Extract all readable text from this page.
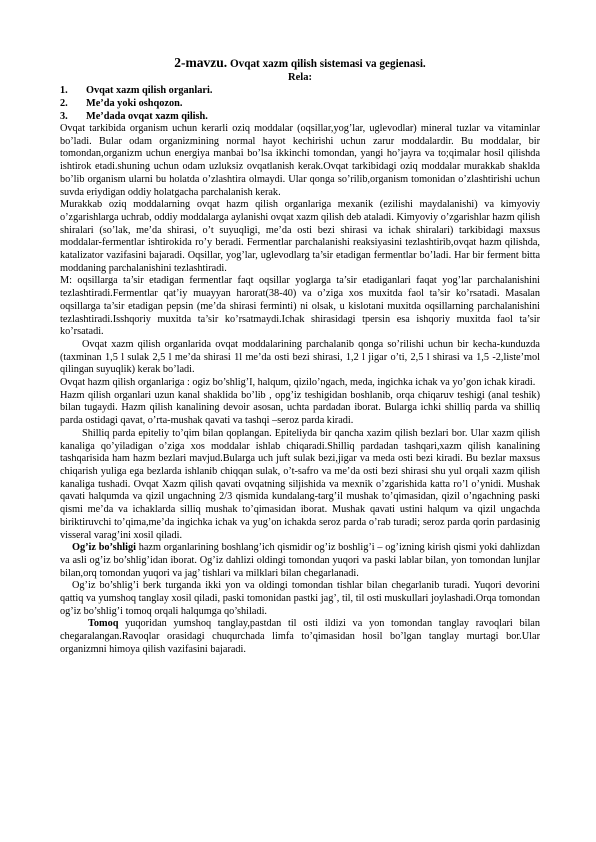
2-mavzu. Ovqat xazm qilish sistemasi va gegienasi.
Rela:
1.	Ovqat xazm qilish organlari.
2.	Me’da yoki oshqozon.
3.	Me’dada ovqat xazm qilish.

Ovqat tarkibida organism uchun kerarli oziq moddalar (oqsillar,yog’lar, uglevodlar) mineral tuzlar va vitaminlar bo’ladi. Bular odam organizmining normal hayot kechirishi uchun zarur moddalardir. Bu moddalar, bir tomondan,organizm uchun energiya manbai bo’lsa ikkinchi tomondan, yangi ho’jayra va to;qimalar hosil qilishda ishtirok etadi.shuning uchun odam uzluksiz ovqatlanish kerak.Ovqat tarkibidagi oziq moddalar murakkab shaklda bo’lib organism ularni bu holatda o’zlashtira olmaydi. Ular qonga so’rilib,organism tomonidan o’zlashtirishi uchun suvda eriydigan oddiy holatgacha parchalanish kerak.

Murakkab oziq moddalarning ovqat hazm qilish organlariga mexanik (ezilishi maydalanishi) va kimyoviy o’zgarishlarga uchrab, oddiy moddalarga aylanishi ovqat xazm qilish deb ataladi. Kimyoviy o’zgarishlar hazm qilish shiralari (so’lak, me’da shirasi, o’t suyuqligi, me’da osti bezi shirasi va ichak shiralari) tarkibidagi maxsus moddalar-fermentlar ishtirokida ro’y beradi. Fermentlar parchalanishi reaksiyasini tezlashtirib,ovqat hazm qilishda, katalizator vazifasini bajaradi. Oqsillar, yog’lar, uglevodlarg ta’sir etadigan fermentlar bo’ladi. Har bir ferment bitta moddaning parchalanishini tezlashtiradi.

M: oqsillarga ta’sir etadigan fermentlar faqt oqsillar yoglarga ta’sir etadiganlari faqat yog’lar parchalanishini tezlashtiradi.Fermentlar qat’iy muayyan harorat(38-40) va o’ziga xos muxitda faol ta’sir ko’rsatadi. Masalan oqsillarga ta’sir etadigan pepsin (me’da shirasi ferminti) ni olsak, u kislotani muxitda oqsillarning parchalanishini tezlashtiradi.Isshqoriy muxitda ta’sir ko’rsatmaydi.Ichak shirasidagi tpersin esa ishqoriy muxitda faol ta’sir ko’rsatadi.

Ovqat xazm qilish organlarida ovqat moddalarining parchalanib qonga so’rilishi uchun bir kecha-kunduzda (taxminan 1,5 l sulak 2,5 l me’da shirasi 1l me’da osti bezi shirasi, 1,2 l jigar o’ti, 2,5 l shirasi va 1,5 -2,liste’mol qilingan suyuqlik) kerak bo’ladi.

Ovqat hazm qilish organlariga : ogiz bo’shlig’I, halqum, qizilo’ngach, meda, ingichka ichak va yo’gon ichak kiradi.

Hazm qilish organlari uzun kanal shaklida bo’lib , opg’iz teshigidan boshlanib, orqa chiqaruv teshigi (anal teshik) bilan tugaydi. Hazm qilish kanalining devoir asosan, uchta pardadan iborat. Bularga ichki shilliq parda va shilliq parda ostidagi qavat, o’rta-mushak qavati va tashqi –seroz parda kiradi.

Shilliq parda epiteliy to’qim bilan qoplangan. Epiteliyda bir qancha xazim qilish bezlari bor. Ular xazm qilish kanaliga qo’yiladigan o’ziga xos moddalar ishlab chiqaradi.Shilliq pardadan tashqari,xazm qilish kanalining tashqarisida ham hazm bezlari mavjud.Bularga uch juft sulak bezi,jigar va meda osti bezi kiradi. Bu bezlar maxsus chiqarish yuliga ega bezlarda ishlanib chiqqan sulak, o’t-safro va me’da osti bezi shirasi shu yul orqali xazm qilish kanaliga tushadi. Ovqat Xazm qilish qavati ovqatning siljishida va mexnik o’zgarishida katta ro’l o’ynidi. Mushak qavati halqumda va qizil ungachning 2/3 qismida kundalang-targ’il mushak to’qimasidan, qizil o’ngachning paski qismi me’da va ichaklarda silliq mushak to’qimasidan iborat. Mushak qavati ustini halqum va qizil ungachda biriktiruvchi to’qima,me’da ingichka ichak va yug’on ichakda seroz parda o’rab turadi; seroz parda qorin pardasinig visseral varag’ini xosil qiladi.

Og’iz bo’shligi hazm organlarining boshlang’ich qismidir og’iz boshlig’i – og’izning kirish qismi yoki dahlizdan va asli og’iz bo’shlig’idan iborat. Og’iz dahlizi oldingi tomondan yuqori va paski lablar bilan, yon tomondan lunjlar bilan,orq tomondan yuqori va jag’ tishlari va milklari bilan chegarlanadi.

Og’iz bo’shlig’i berk turganda ikki yon va oldingi tomondan tishlar bilan chegarlanib turadi. Yuqori devorini qattiq va yumshoq tanglay xosil qiladi, paski tomonidan pastki jag’, til, til osti muskullari joylashadi.Orqa tomondan og’iz bo’shlig’i tomoq orqali halqumga qo’shiladi.

Tomoq yuqoridan yumshoq tanglay,pastdan til osti ildizi va yon tomondan tanglay ravoqlari bilan chegaralangan.Ravoqlar orasidagi chuqurchada limfa to’qimasidan hosil bo’lgan tanglay murtagi bor.Ular organizmni himoya qilish vazifasini bajaradi.
